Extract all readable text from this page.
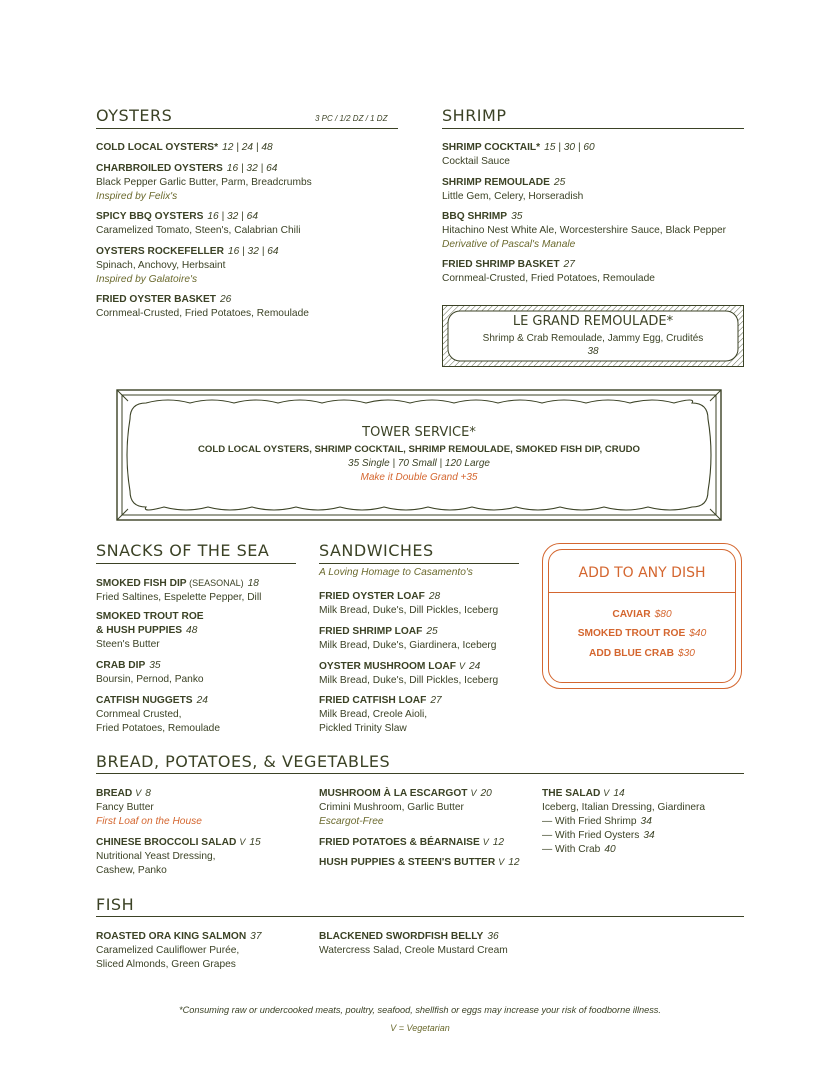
OYSTERS	3 PC / 1/2 DZ / 1 DZ
COLD LOCAL OYSTERS* 12 | 24 | 48
CHARBROILED OYSTERS 16 | 32 | 64
Black Pepper Garlic Butter, Parm, Breadcrumbs
Inspired by Felix's
SPICY BBQ OYSTERS 16 | 32 | 64
Caramelized Tomato, Steen's, Calabrian Chili
OYSTERS ROCKEFELLER 16 | 32 | 64
Spinach, Anchovy, Herbsaint
Inspired by Galatoire's
FRIED OYSTER BASKET 26
Cornmeal-Crusted, Fried Potatoes, Remoulade
SHRIMP
SHRIMP COCKTAIL* 15 | 30 | 60
Cocktail Sauce
SHRIMP REMOULADE 25
Little Gem, Celery, Horseradish
BBQ SHRIMP 35
Hitachino Nest White Ale, Worcestershire Sauce, Black Pepper
Derivative of Pascal's Manale
FRIED SHRIMP BASKET 27
Cornmeal-Crusted, Fried Potatoes, Remoulade
LE GRAND REMOULADE*
Shrimp & Crab Remoulade, Jammy Egg, Crudités
38
TOWER SERVICE*
COLD LOCAL OYSTERS, SHRIMP COCKTAIL, SHRIMP REMOULADE, SMOKED FISH DIP, CRUDO
35 Single | 70 Small | 120 Large
Make it Double Grand +35
SNACKS OF THE SEA
SMOKED FISH DIP (SEASONAL) 18
Fried Saltines, Espelette Pepper, Dill
SMOKED TROUT ROE
& HUSH PUPPIES 48
Steen's Butter
CRAB DIP 35
Boursin, Pernod, Panko
CATFISH NUGGETS 24
Cornmeal Crusted,
Fried Potatoes, Remoulade
SANDWICHES
A Loving Homage to Casamento's
FRIED OYSTER LOAF 28
Milk Bread, Duke's, Dill Pickles, Iceberg
FRIED SHRIMP LOAF 25
Milk Bread, Duke's, Giardinera, Iceberg
OYSTER MUSHROOM LOAF V 24
Milk Bread, Duke's, Dill Pickles, Iceberg
FRIED CATFISH LOAF 27
Milk Bread, Creole Aioli,
Pickled Trinity Slaw
ADD TO ANY DISH
CAVIAR $80
SMOKED TROUT ROE $40
ADD BLUE CRAB $30
BREAD, POTATOES, & VEGETABLES
BREAD V 8
Fancy Butter
First Loaf on the House
CHINESE BROCCOLI SALAD V 15
Nutritional Yeast Dressing,
Cashew, Panko
MUSHROOM À LA ESCARGOT V 20
Crimini Mushroom, Garlic Butter
Escargot-Free
FRIED POTATOES & BÉARNAISE V 12
HUSH PUPPIES & STEEN'S BUTTER V 12
THE SALAD V 14
Iceberg, Italian Dressing, Giardinera
— With Fried Shrimp 34
— With Fried Oysters 34
— With Crab 40
FISH
ROASTED ORA KING SALMON 37
Caramelized Cauliflower Purée,
Sliced Almonds, Green Grapes
BLACKENED SWORDFISH BELLY 36
Watercress Salad, Creole Mustard Cream
*Consuming raw or undercooked meats, poultry, seafood, shellfish or eggs may increase your risk of foodborne illness.
V = Vegetarian
